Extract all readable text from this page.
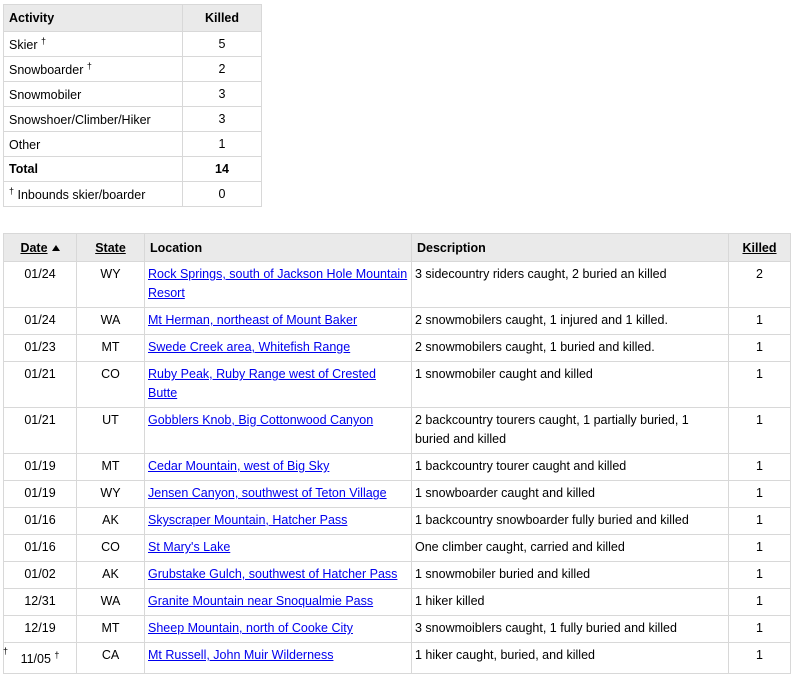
Activity	Killed
Skier †	5
Snowboarder †	2
Snowmobiler	3
Snowshoer/Climber/Hiker	3
Other	1
Total	14
† Inbounds skier/boarder	0
Date	State	Location	Description	Killed
01/24	WY	Rock Springs, south of Jackson Hole Mountain Resort	3 sidecountry riders caught, 2 buried an killed	2
01/24	WA	Mt Herman, northeast of Mount Baker	2 snowmobilers caught, 1 injured and 1 killed.	1
01/23	MT	Swede Creek area, Whitefish Range	2 snowmobilers caught, 1 buried and killed.	1
01/21	CO	Ruby Peak, Ruby Range west of Crested Butte	1 snowmobiler caught and killed	1
01/21	UT	Gobblers Knob, Big Cottonwood Canyon	2 backcountry tourers caught, 1 partially buried, 1 buried and killed	1
01/19	MT	Cedar Mountain, west of Big Sky	1 backcountry tourer caught and killed	1
01/19	WY	Jensen Canyon, southwest of Teton Village	1 snowboarder caught and killed	1
01/16	AK	Skyscraper Mountain, Hatcher Pass	1 backcountry snowboarder fully buried and killed	1
01/16	CO	St Mary's Lake	One climber caught, carried and killed	1
01/02	AK	Grubstake Gulch, southwest of Hatcher Pass	1 snowmobiler buried and killed	1
12/31	WA	Granite Mountain near Snoqualmie Pass	1 hiker killed	1
12/19	MT	Sheep Mountain, north of Cooke City	3 snowmoiblers caught, 1 fully buried and killed	1
11/05 †	CA	Mt Russell, John Muir Wilderness	1 hiker caught, buried, and killed	1
†
